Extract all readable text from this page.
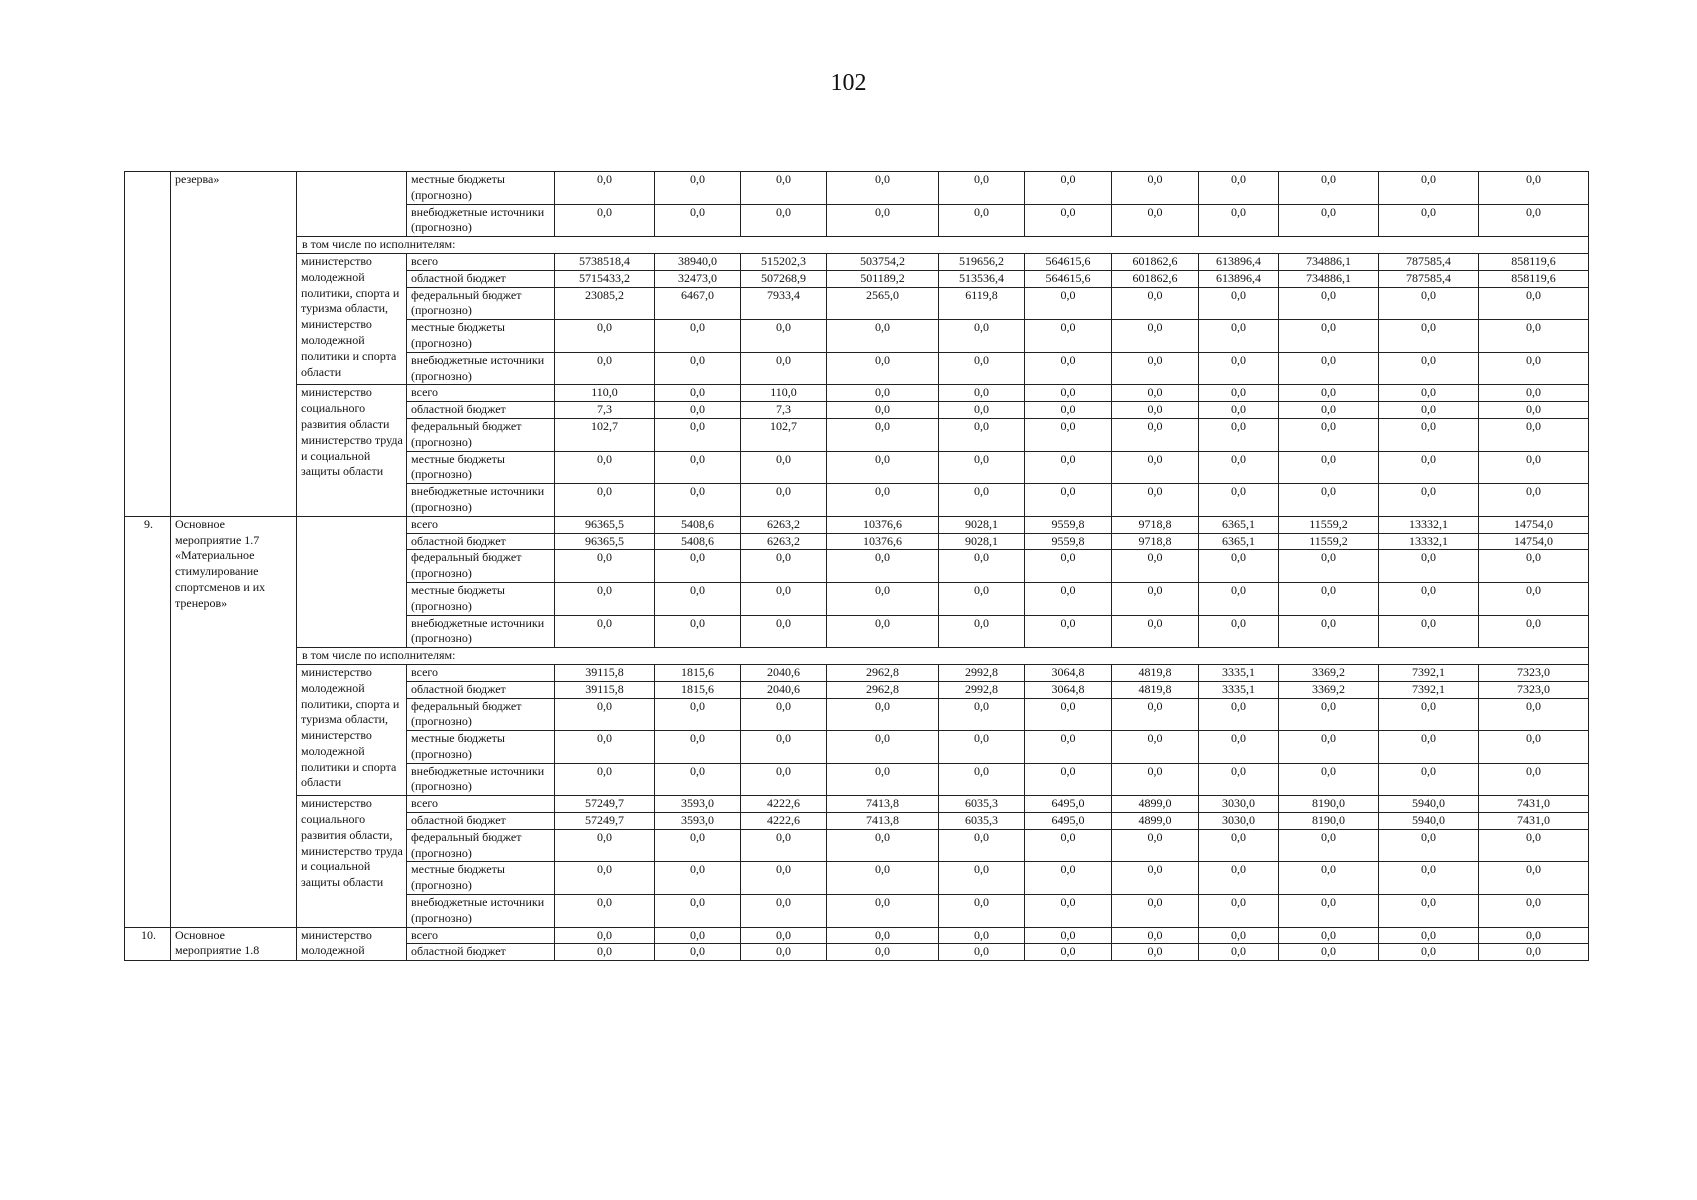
102
	резерва»		местные бюджеты (прогнозно)	0,0	0,0	0,0	0,0	0,0	0,0	0,0	0,0	0,0	0,0	0,0
			внебюджетные источники (прогнозно)	0,0	0,0	0,0	0,0	0,0	0,0	0,0	0,0	0,0	0,0	0,0
		в том числе по исполнителям:												
		министерство молодежной политики, спорта и туризма области, министерство молодежной политики и спорта области	всего	5738518,4	38940,0	515202,3	503754,2	519656,2	564615,6	601862,6	613896,4	734886,1	787585,4	858119,6
			областной бюджет	5715433,2	32473,0	507268,9	501189,2	513536,4	564615,6	601862,6	613896,4	734886,1	787585,4	858119,6
			федеральный бюджет (прогнозно)	23085,2	6467,0	7933,4	2565,0	6119,8	0,0	0,0	0,0	0,0	0,0	0,0
			местные бюджеты (прогнозно)	0,0	0,0	0,0	0,0	0,0	0,0	0,0	0,0	0,0	0,0	0,0
			внебюджетные источники (прогнозно)	0,0	0,0	0,0	0,0	0,0	0,0	0,0	0,0	0,0	0,0	0,0
		министерство социального развития области министерство труда и социальной защиты области	всего	110,0	0,0	110,0	0,0	0,0	0,0	0,0	0,0	0,0	0,0	0,0
			областной бюджет	7,3	0,0	7,3	0,0	0,0	0,0	0,0	0,0	0,0	0,0	0,0
			федеральный бюджет (прогнозно)	102,7	0,0	102,7	0,0	0,0	0,0	0,0	0,0	0,0	0,0	0,0
			местные бюджеты (прогнозно)	0,0	0,0	0,0	0,0	0,0	0,0	0,0	0,0	0,0	0,0	0,0
			внебюджетные источники (прогнозно)	0,0	0,0	0,0	0,0	0,0	0,0	0,0	0,0	0,0	0,0	0,0
9.	Основное мероприятие 1.7 «Материальное стимулирование спортсменов и их тренеров»		всего	96365,5	5408,6	6263,2	10376,6	9028,1	9559,8	9718,8	6365,1	11559,2	13332,1	14754,0
			областной бюджет	96365,5	5408,6	6263,2	10376,6	9028,1	9559,8	9718,8	6365,1	11559,2	13332,1	14754,0
			федеральный бюджет (прогнозно)	0,0	0,0	0,0	0,0	0,0	0,0	0,0	0,0	0,0	0,0	0,0
			местные бюджеты (прогнозно)	0,0	0,0	0,0	0,0	0,0	0,0	0,0	0,0	0,0	0,0	0,0
			внебюджетные источники (прогнозно)	0,0	0,0	0,0	0,0	0,0	0,0	0,0	0,0	0,0	0,0	0,0
		в том числе по исполнителям:												
		министерство молодежной политики, спорта и туризма области, министерство молодежной политики и спорта области	всего	39115,8	1815,6	2040,6	2962,8	2992,8	3064,8	4819,8	3335,1	3369,2	7392,1	7323,0
			областной бюджет	39115,8	1815,6	2040,6	2962,8	2992,8	3064,8	4819,8	3335,1	3369,2	7392,1	7323,0
			федеральный бюджет (прогнозно)	0,0	0,0	0,0	0,0	0,0	0,0	0,0	0,0	0,0	0,0	0,0
			местные бюджеты (прогнозно)	0,0	0,0	0,0	0,0	0,0	0,0	0,0	0,0	0,0	0,0	0,0
			внебюджетные источники (прогнозно)	0,0	0,0	0,0	0,0	0,0	0,0	0,0	0,0	0,0	0,0	0,0
		министерство социального развития области, министерство труда и социальной защиты области	всего	57249,7	3593,0	4222,6	7413,8	6035,3	6495,0	4899,0	3030,0	8190,0	5940,0	7431,0
			областной бюджет	57249,7	3593,0	4222,6	7413,8	6035,3	6495,0	4899,0	3030,0	8190,0	5940,0	7431,0
			федеральный бюджет (прогнозно)	0,0	0,0	0,0	0,0	0,0	0,0	0,0	0,0	0,0	0,0	0,0
			местные бюджеты (прогнозно)	0,0	0,0	0,0	0,0	0,0	0,0	0,0	0,0	0,0	0,0	0,0
			внебюджетные источники (прогнозно)	0,0	0,0	0,0	0,0	0,0	0,0	0,0	0,0	0,0	0,0	0,0
10.	Основное мероприятие 1.8	министерство молодежной	всего	0,0	0,0	0,0	0,0	0,0	0,0	0,0	0,0	0,0	0,0	0,0
			областной бюджет	0,0	0,0	0,0	0,0	0,0	0,0	0,0	0,0	0,0	0,0	0,0
